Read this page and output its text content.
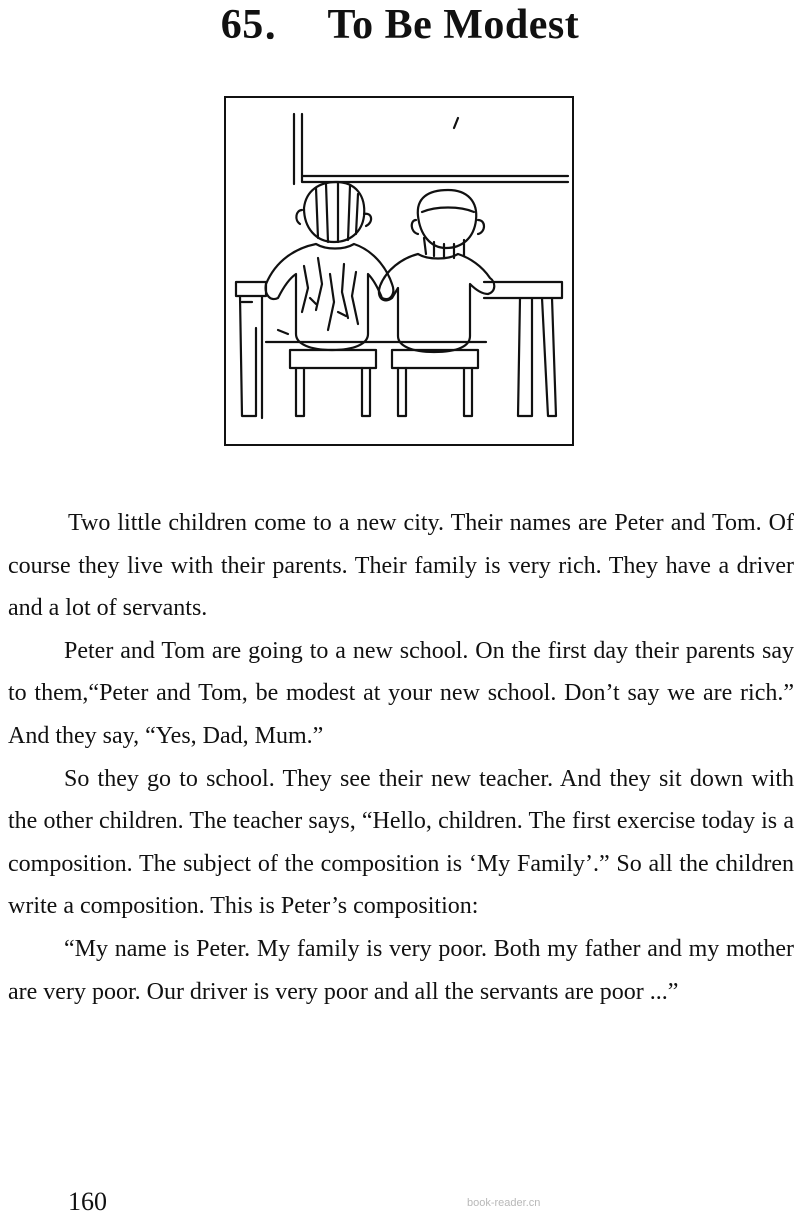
65．  To Be Modest

Two little children come to a new city. Their names are Peter and Tom. Of course they live with their parents. Their family is very rich. They have a driver and a lot of servants.

Peter and Tom are going to a new school. On the first day their parents say to them,“Peter and Tom, be modest at your new school. Don’t say we are rich.” And they say, “Yes, Dad, Mum.”

So they go to school. They see their new teacher. And they sit down with the other children. The teacher says, “Hello, children. The first exercise today is a composition. The subject of the composition is ‘My Family’.” So all the children write a composition. This is Peter’s composition:

“My name is Peter. My family is very poor. Both my father and my mother are very poor. Our driver is very poor and all the servants are poor ...”

160	book-reader.cn
